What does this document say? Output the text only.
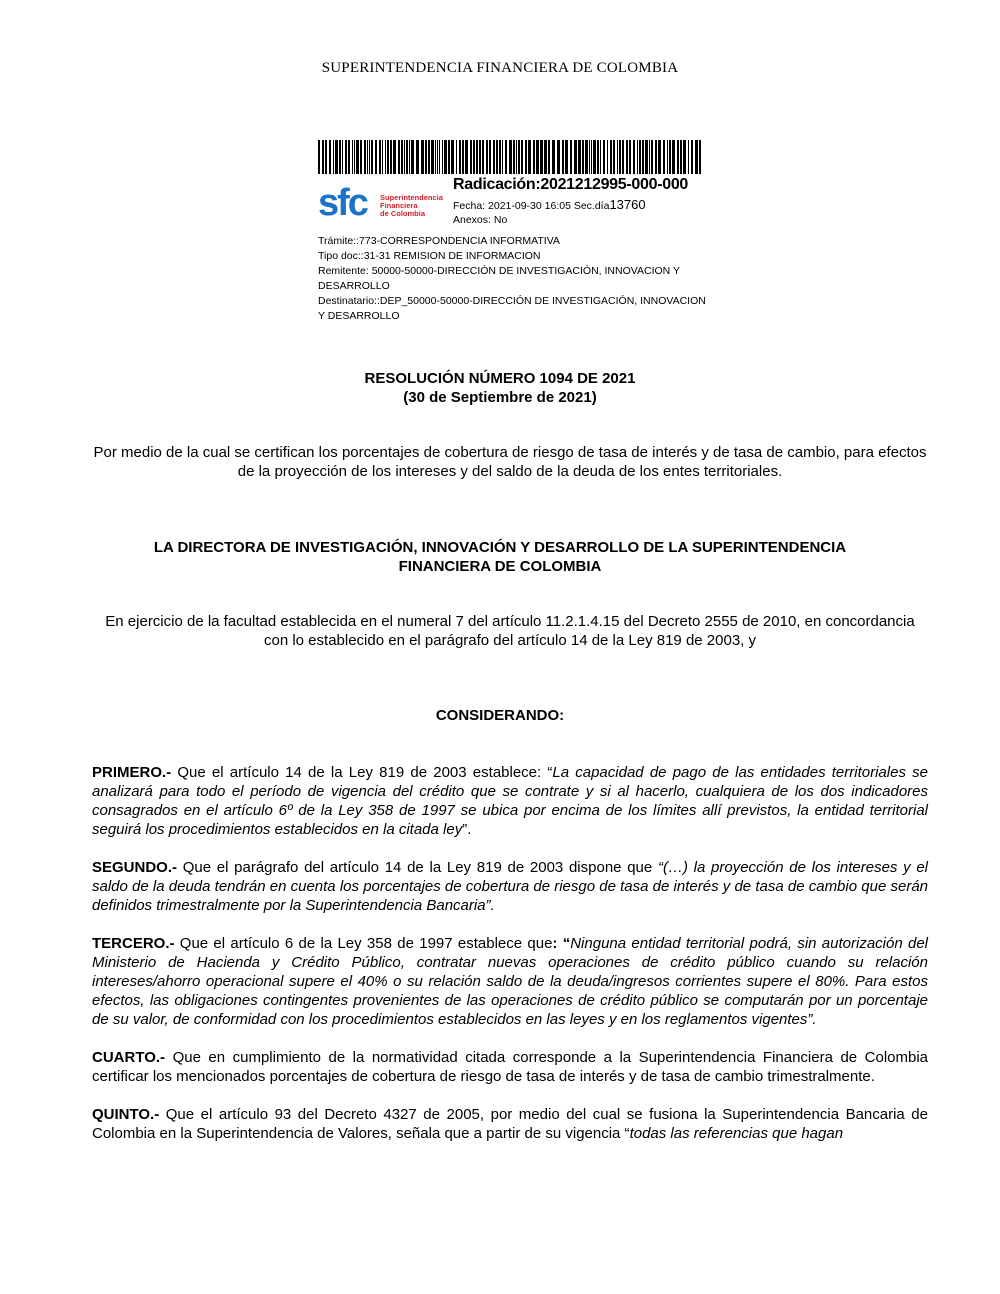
SUPERINTENDENCIA FINANCIERA DE COLOMBIA
sfc Superintendencia
Financiera
de Colombia
Radicación:2021212995-000-000
Fecha: 2021-09-30 16:05 Sec.día13760
Anexos: No
Trámite::773-CORRESPONDENCIA INFORMATIVA
Tipo doc::31-31 REMISION DE INFORMACION
Remitente: 50000-50000-DIRECCIÓN DE INVESTIGACIÓN, INNOVACION Y DESARROLLO
Destinatario::DEP_50000-50000-DIRECCIÓN DE INVESTIGACIÓN, INNOVACION Y DESARROLLO
RESOLUCIÓN NÚMERO 1094 DE 2021
(30 de Septiembre de 2021)
Por medio de la cual se certifican los porcentajes de cobertura de riesgo de tasa de interés y de tasa de cambio, para efectos de la proyección de los intereses y del saldo de la deuda de los entes territoriales.
LA DIRECTORA DE INVESTIGACIÓN, INNOVACIÓN Y DESARROLLO DE LA SUPERINTENDENCIA FINANCIERA DE COLOMBIA
En ejercicio de la facultad establecida en el numeral 7 del artículo 11.2.1.4.15 del Decreto 2555 de 2010, en concordancia con lo establecido en el parágrafo del artículo 14 de la Ley 819 de 2003, y
CONSIDERANDO:

PRIMERO.- Que el artículo 14 de la Ley 819 de 2003 establece: “La capacidad de pago de las entidades territoriales se analizará para todo el período de vigencia del crédito que se contrate y si al hacerlo, cualquiera de los dos indicadores consagrados en el artículo 6º de la Ley 358 de 1997 se ubica por encima de los límites allí previstos, la entidad territorial seguirá los procedimientos establecidos en la citada ley”.

SEGUNDO.- Que el parágrafo del artículo 14 de la Ley 819 de 2003 dispone que “(…) la proyección de los intereses y el saldo de la deuda tendrán en cuenta los porcentajes de cobertura de riesgo de tasa de interés y de tasa de cambio que serán definidos trimestralmente por la Superintendencia Bancaria”.

TERCERO.- Que el artículo 6 de la Ley 358 de 1997 establece que: “Ninguna entidad territorial podrá, sin autorización del Ministerio de Hacienda y Crédito Público, contratar nuevas operaciones de crédito público cuando su relación intereses/ahorro operacional supere el 40% o su relación saldo de la deuda/ingresos corrientes supere el 80%. Para estos efectos, las obligaciones contingentes provenientes de las operaciones de crédito público se computarán por un porcentaje de su valor, de conformidad con los procedimientos establecidos en las leyes y en los reglamentos vigentes”.

CUARTO.- Que en cumplimiento de la normatividad citada corresponde a la Superintendencia Financiera de Colombia certificar los mencionados porcentajes de cobertura de riesgo de tasa de interés y de tasa de cambio trimestralmente.

QUINTO.- Que el artículo 93 del Decreto 4327 de 2005, por medio del cual se fusiona la Superintendencia Bancaria de Colombia en la Superintendencia de Valores, señala que a partir de su vigencia “todas las referencias que hagan
